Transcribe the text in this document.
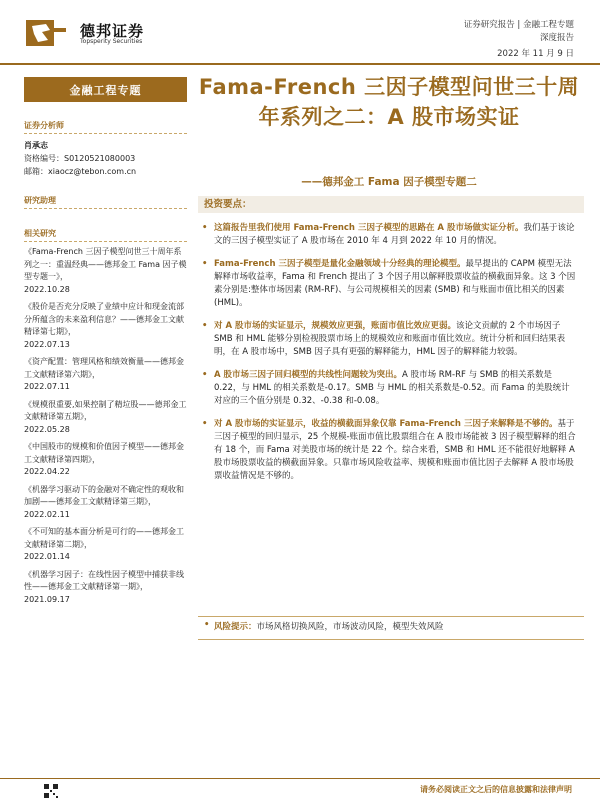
德邦证券
Topsperity Securities
证券研究报告 | 金融工程专题
深度报告
2022 年 11 月 9 日
金融工程专题
证券分析师
肖承志
资格编号：S0120521080003
邮箱：xiaocz@tebon.com.cn
研究助理
相关研究
《Fama-French 三因子模型问世三十周年系列之一：重温经典——德邦金工 Fama 因子模型专题一》，
2022.10.28
《股价是否充分反映了业绩中应计和现金流部分所蕴含的未来盈利信息？——德邦金工文献精译第七期》，
2022.07.13
《资产配置：管理风格和绩效衡量——德邦金工文献精译第六期》，
2022.07.11
《规模很重要,如果控制了精垃股——德邦金工文献精译第五期》，
2022.05.28
《中国股市的规模和价值因子模型——德邦金工文献精译第四期》，
2022.04.22
《机器学习驱动下的金融对不确定性的观收和加剧——德邦金工文献精译第三期》，
2022.02.11
《不可知的基本面分析是可行的——德邦金工文献精译第二期》，
2022.01.14
《机器学习因子：在线性因子模型中捕获非线性——德邦金工文献精译第一期》，
2021.09.17
Fama-French 三因子模型问世三十周年系列之二：A 股市场实证
——德邦金工 Fama 因子模型专题二
投资要点：
• 这篇报告里我们使用 Fama-French 三因子模型的思路在 A 股市场做实证分析。我们基于该论文的三因子模型实证了 A 股市场在 2010 年 4 月到 2022 年 10 月的情况。
• Fama-French 三因子模型是量化金融领域十分经典的理论模型。最早提出的 CAPM 模型无法解释市场收益率，Fama 和 French 提出了 3 个因子用以解释股票收益的横截面异象。这 3 个因素分别是:整体市场因素 (RM-RF)、与公司规模相关的因素 (SMB) 和与账面市值比相关的因素 (HML)。
• 对 A 股市场的实证显示，规模效应更强，账面市值比效应更弱。该论文贡献的 2 个市场因子 SMB 和 HML 能够分别检视股票市场上的规模效应和账面市值比效应。统计分析和回归结果表明，在 A 股市场中，SMB 因子具有更强的解释能力，HML 因子的解释能力较弱。
• A 股市场三因子回归模型的共线性问题较为突出。A 股市场 RM-RF 与 SMB 的相关系数是 0.22，与 HML 的相关系数是-0.17。SMB 与 HML 的相关系数是-0.52。而 Fama 的美股统计对应的三个值分别是 0.32、-0.38 和-0.08。
• 对 A 股市场的实证显示，收益的横截面异象仅靠 Fama-French 三因子来解释是不够的。基于三因子模型的回归显示，25 个规模-账面市值比股票组合在 A 股市场能被 3 因子模型解释的组合有 18 个，而 Fama 对美股市场的统计是 22 个。综合来看，SMB 和 HML 还不能很好地解释 A 股市场股票收益的横截面异象。只靠市场风险收益率、规模和账面市值比因子去解释 A 股市场股票收益情况是不够的。
• 风险提示：市场风格切换风险，市场波动风险，模型失效风险
请务必阅读正文之后的信息披露和法律声明
